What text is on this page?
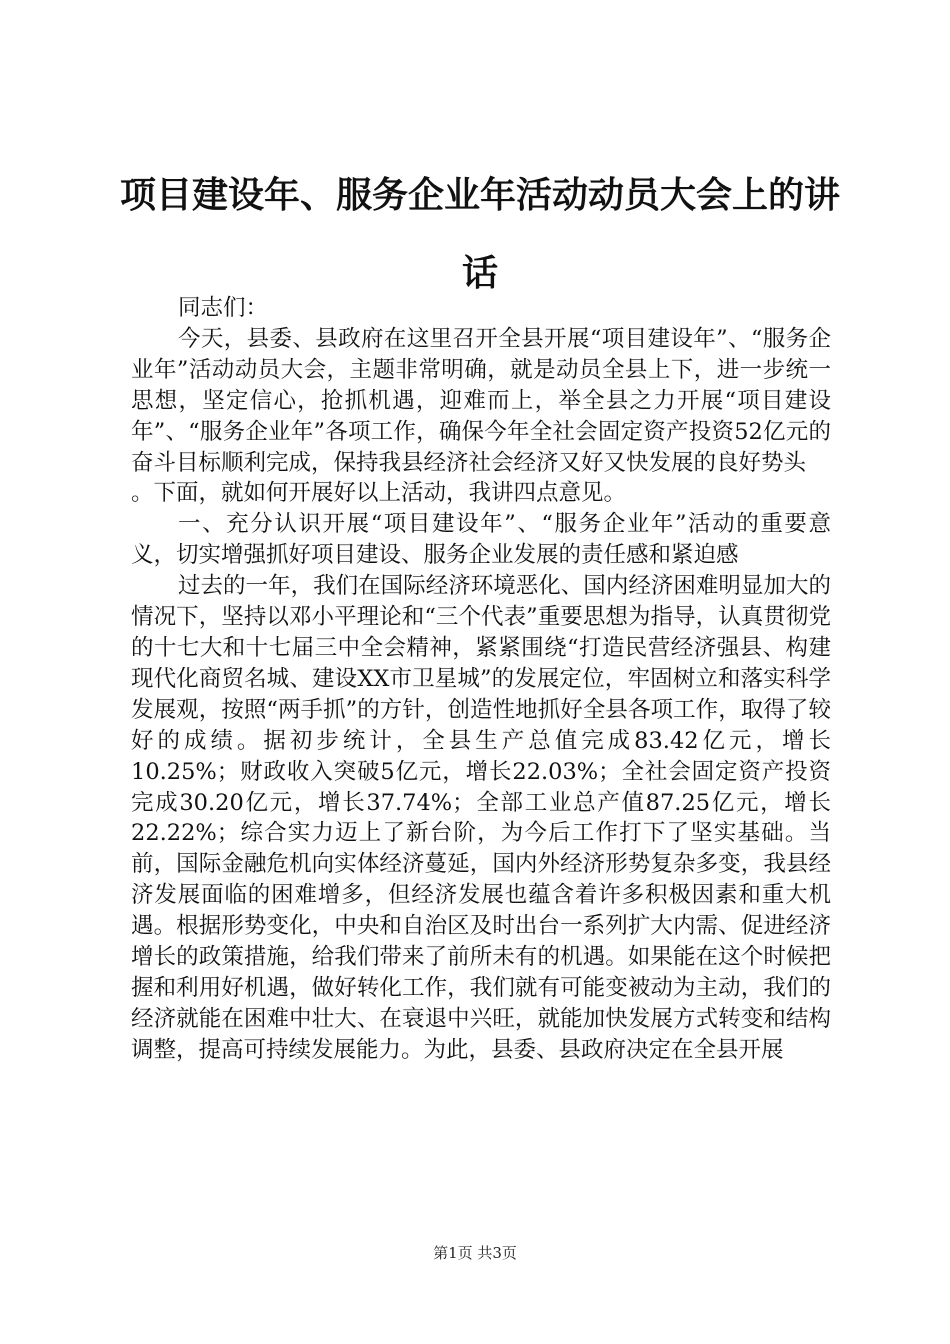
项目建设年、服务企业年活动动员大会上的讲话

同志们：

今天，县委、县政府在这里召开全县开展“项目建设年”、“服务企业年”活动动员大会，主题非常明确，就是动员全县上下，进一步统一思想，坚定信心，抢抓机遇，迎难而上，举全县之力开展“项目建设年”、“服务企业年”各项工作，确保今年全社会固定资产投资52亿元的奋斗目标顺利完成，保持我县经济社会经济又好又快发展的良好势头

。下面，就如何开展好以上活动，我讲四点意见。

一、充分认识开展“项目建设年”、“服务企业年”活动的重要意义，切实增强抓好项目建设、服务企业发展的责任感和紧迫感

过去的一年，我们在国际经济环境恶化、国内经济困难明显加大的情况下，坚持以邓小平理论和“三个代表”重要思想为指导，认真贯彻党的十七大和十七届三中全会精神，紧紧围绕“打造民营经济强县、构建现代化商贸名城、建设XX市卫星城”的发展定位，牢固树立和落实科学发展观，按照“两手抓”的方针，创造性地抓好全县各项工作，取得了较好的成绩。据初步统计，全县生产总值完成83.42亿元，增长10.25%；财政收入突破5亿元，增长22.03%；全社会固定资产投资完成30.20亿元，增长37.74%；全部工业总产值87.25亿元，增长22.22%；综合实力迈上了新台阶，为今后工作打下了坚实基础。当前，国际金融危机向实体经济蔓延，国内外经济形势复杂多变，我县经济发展面临的困难增多，但经济发展也蕴含着许多积极因素和重大机遇。根据形势变化，中央和自治区及时出台一系列扩大内需、促进经济增长的政策措施，给我们带来了前所未有的机遇。如果能在这个时候把握和利用好机遇，做好转化工作，我们就有可能变被动为主动，我们的经济就能在困难中壮大、在衰退中兴旺，就能加快发展方式转变和结构调整，提高可持续发展能力。为此，县委、县政府决定在全县开展

第1页 共3页
